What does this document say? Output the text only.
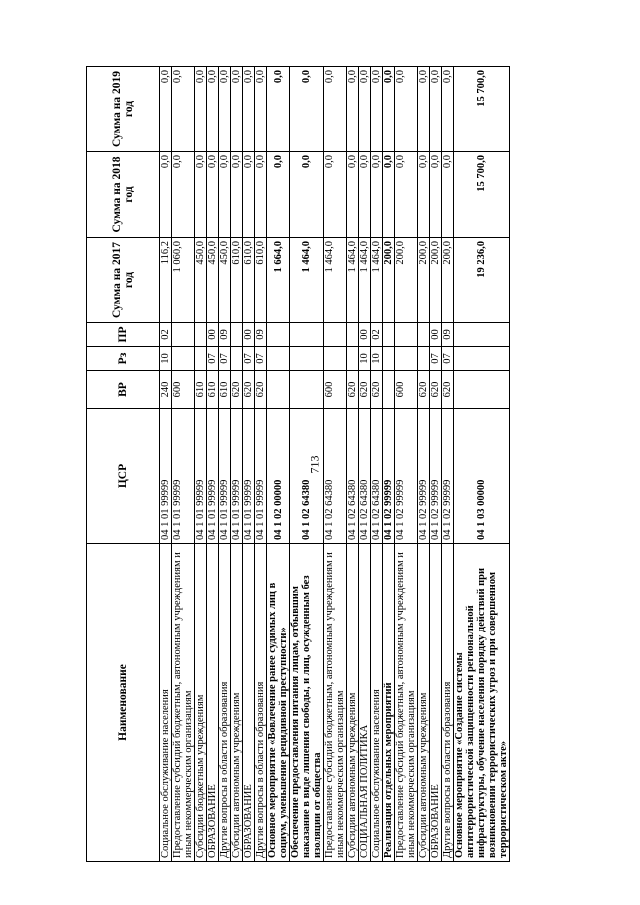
713
Наименование	ЦСР	ВР	Рз	ПР	Сумма на 2017 год	Сумма на 2018 год	Сумма на 2019 год
Социальное обслуживание населения	04 1 01 99999	240	10	02	116,2	0,0	0,0
Предоставление субсидий бюджетным, автономным учреждениям и иным некоммерческим организациям	04 1 01 99999	600			1 060,0	0,0	0,0
Субсидии бюджетным учреждениям	04 1 01 99999	610			450,0	0,0	0,0
ОБРАЗОВАНИЕ	04 1 01 99999	610	07	00	450,0	0,0	0,0
Другие вопросы в области образования	04 1 01 99999	610	07	09	450,0	0,0	0,0
Субсидии автономным учреждениям	04 1 01 99999	620			610,0	0,0	0,0
ОБРАЗОВАНИЕ	04 1 01 99999	620	07	00	610,0	0,0	0,0
Другие вопросы в области образования	04 1 01 99999	620	07	09	610,0	0,0	0,0
Основное мероприятие «Вовлечение ранее судимых лиц в социум, уменьшение рецидивной преступности»	04 1 02 00000				1 664,0	0,0	0,0
Обеспечение предоставления питания лицам, отбывшим наказание в виде лишения свободы, и лиц, осужденным без изоляции от общества	04 1 02 64380				1 464,0	0,0	0,0
Предоставление субсидий бюджетным, автономным учреждениям и иным некоммерческим организациям	04 1 02 64380	600			1 464,0	0,0	0,0
Субсидии автономным учреждениям	04 1 02 64380	620			1 464,0	0,0	0,0
СОЦИАЛЬНАЯ ПОЛИТИКА	04 1 02 64380	620	10	00	1 464,0	0,0	0,0
Социальное обслуживание населения	04 1 02 64380	620	10	02	1 464,0	0,0	0,0
Реализация отдельных мероприятий	04 1 02 99999				200,0	0,0	0,0
Предоставление субсидий бюджетным, автономным учреждениям и иным некоммерческим организациям	04 1 02 99999	600			200,0	0,0	0,0
Субсидии автономным учреждениям	04 1 02 99999	620			200,0	0,0	0,0
ОБРАЗОВАНИЕ	04 1 02 99999	620	07	00	200,0	0,0	0,0
Другие вопросы в области образования	04 1 02 99999	620	07	09	200,0	0,0	0,0
Основное мероприятие «Создание системы антитеррористической защищенности региональной инфраструктуры, обучение населения порядку действий при возникновении террористических угроз и при совершенном террористическом акте»	04 1 03 00000				19 236,0	15 700,0	15 700,0
